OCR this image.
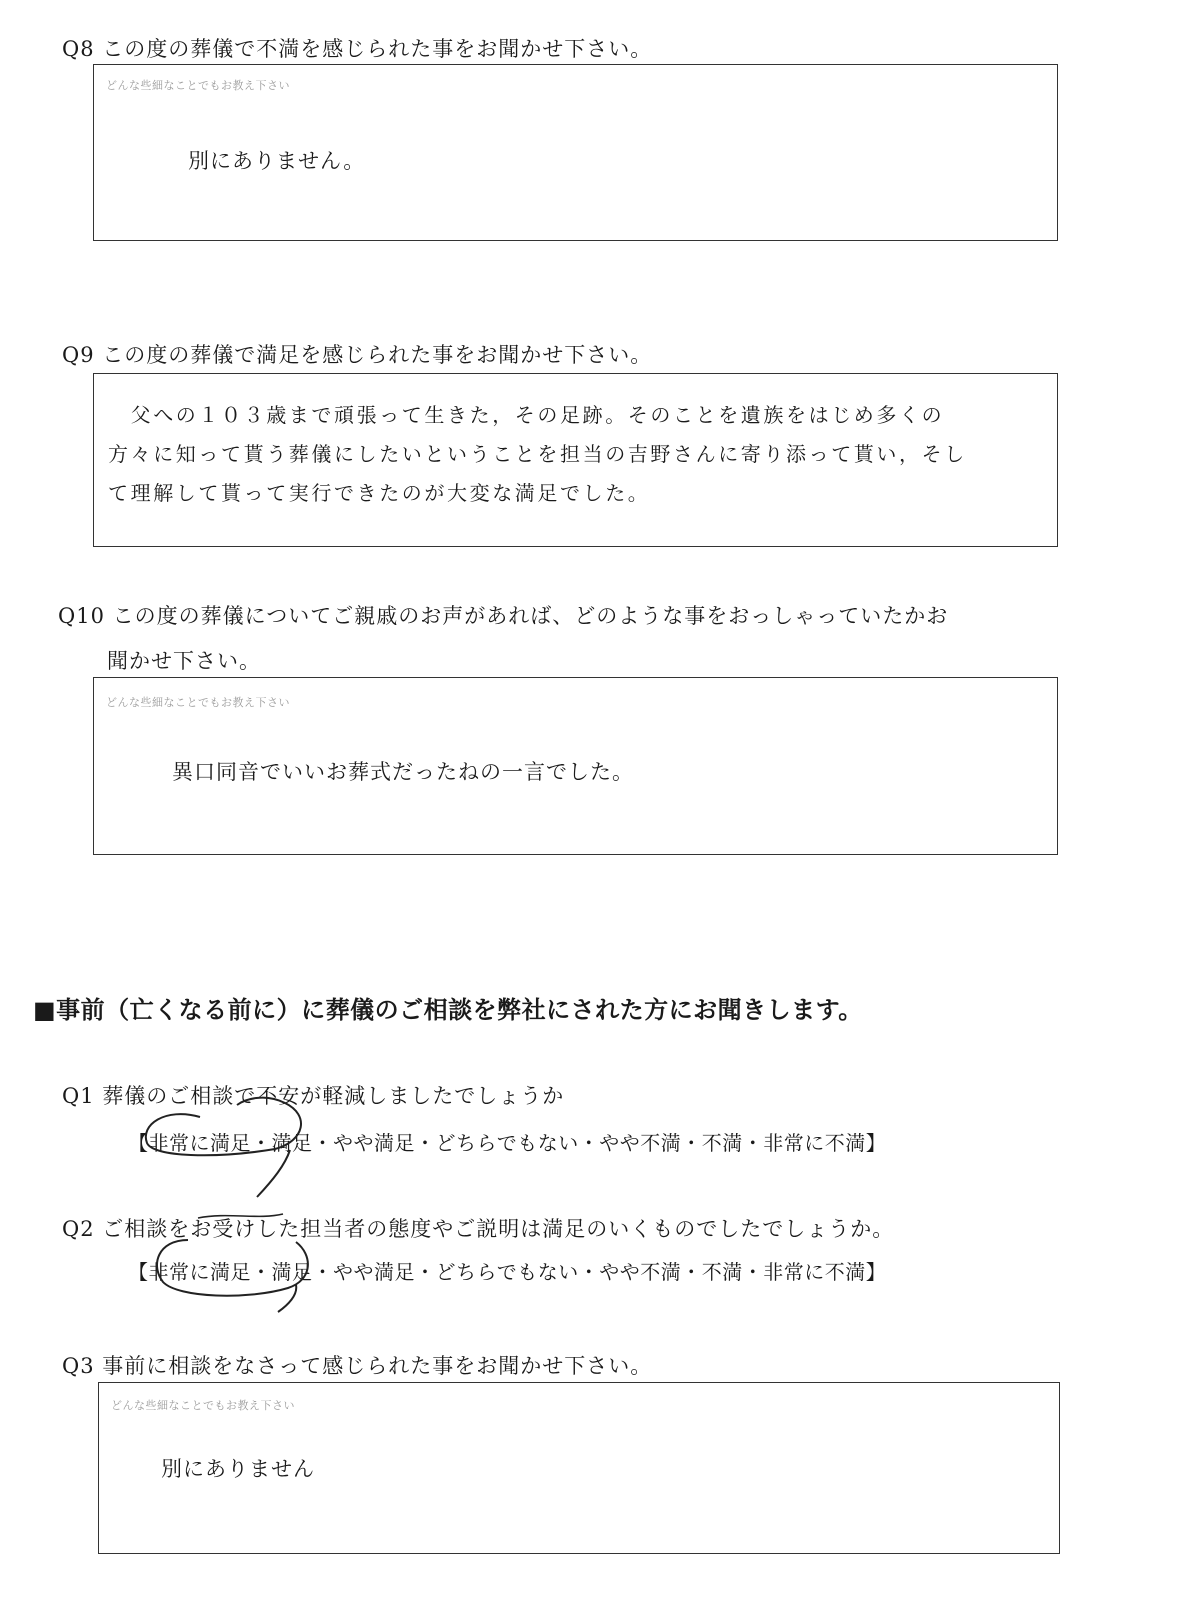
Q8 この度の葬儀で不満を感じられた事をお聞かせ下さい。
どんな些細なことでもお教え下さい
別にありません。
Q9 この度の葬儀で満足を感じられた事をお聞かせ下さい。
　父への１０３歳まで頑張って生きた，その足跡。そのことを遺族をはじめ多くの
方々に知って貰う葬儀にしたいということを担当の吉野さんに寄り添って貰い，そし
て理解して貰って実行できたのが大変な満足でした。
Q10 この度の葬儀についてご親戚のお声があれば、どのような事をおっしゃっていたかお
聞かせ下さい。
どんな些細なことでもお教え下さい
異口同音でいいお葬式だったねの一言でした。
■事前（亡くなる前に）に葬儀のご相談を弊社にされた方にお聞きします。
Q1 葬儀のご相談で不安が軽減しましたでしょうか
【非常に満足・満足・やや満足・どちらでもない・やや不満・不満・非常に不満】
Q2 ご相談をお受けした担当者の態度やご説明は満足のいくものでしたでしょうか。
【非常に満足・満足・やや満足・どちらでもない・やや不満・不満・非常に不満】
Q3 事前に相談をなさって感じられた事をお聞かせ下さい。
どんな些細なことでもお教え下さい
別にありません
